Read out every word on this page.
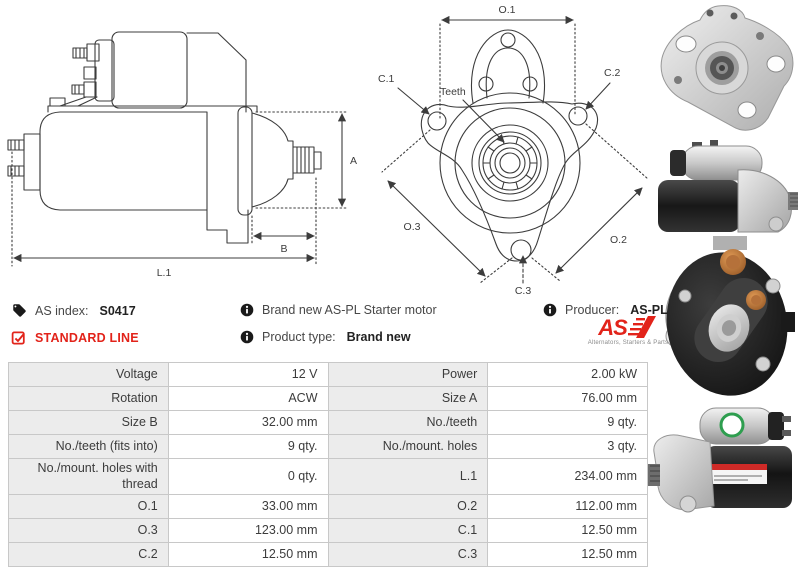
A
B
L.1
O.1
C.1	C.2
C.3
O.3
O.2
Teeth
AS index: S0417
STANDARD LINE
Brand new AS-PL Starter motor
Product type: Brand new
Producer: AS-PL
AS
Alternators, Starters & Parts
Voltage	12 V	Power	2.00 kW
Rotation	ACW	Size A	76.00 mm
Size B	32.00 mm	No./teeth	9 qty.
No./teeth (fits into)	9 qty.	No./mount. holes	3 qty.
No./mount. holes with thread	0 qty.	L.1	234.00 mm
O.1	33.00 mm	O.2	112.00 mm
O.3	123.00 mm	C.1	12.50 mm
C.2	12.50 mm	C.3	12.50 mm
